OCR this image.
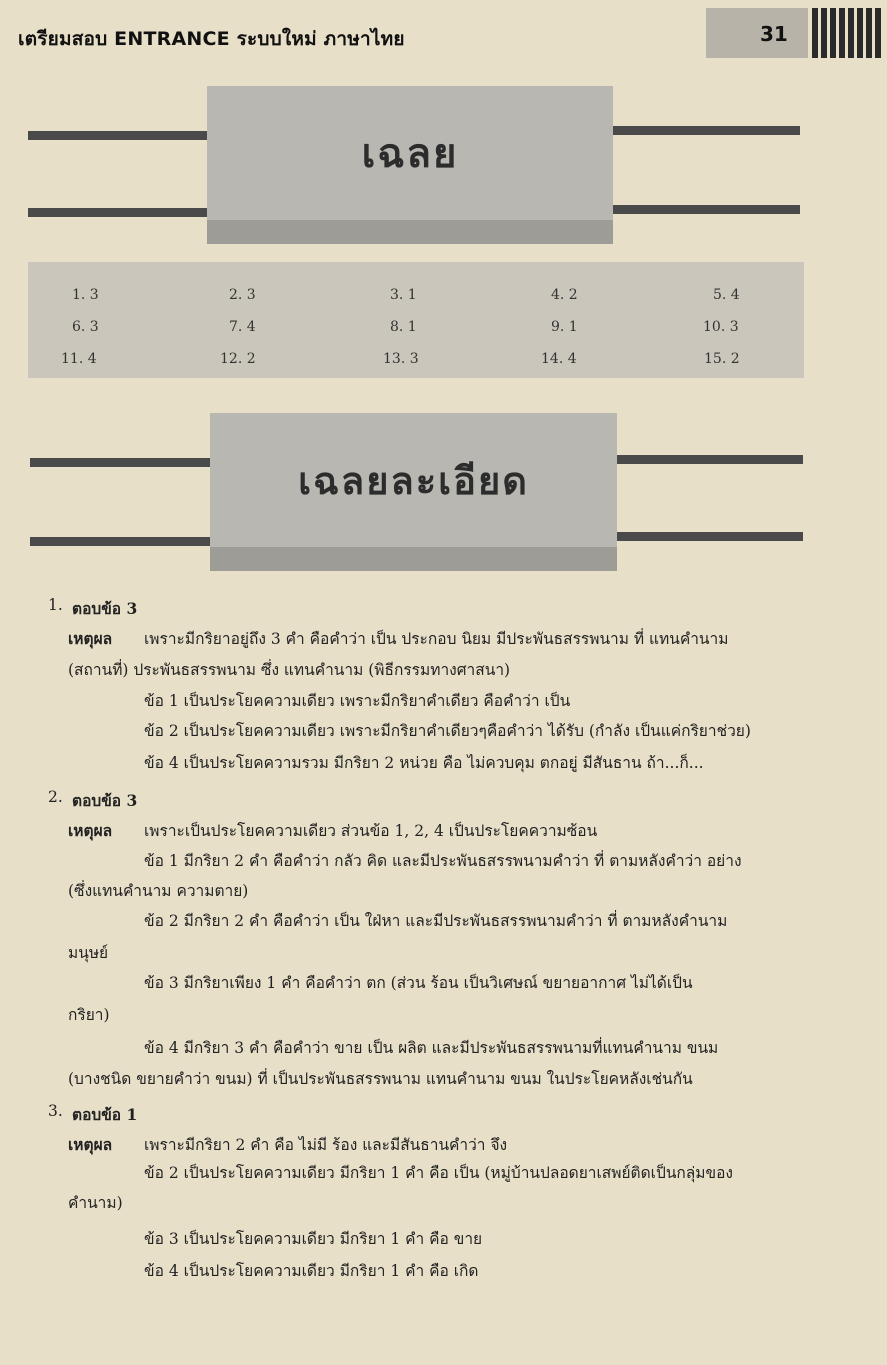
เตรียมสอบ ENTRANCE ระบบใหม่ ภาษาไทย	31
เฉลย
1. 3	2. 3	3. 1	4. 2	5. 4
6. 3	7. 4	8. 1	9. 1	10. 3
11. 4	12. 2	13. 3	14. 4	15. 2
เฉลยละเอียด
1. ตอบข้อ 3
เหตุผล เพราะมีกริยาอยู่ถึง 3 คำ คือคำว่า เป็น ประกอบ นิยม มีประพันธสรรพนาม ที่ แทนคำนาม
(สถานที่) ประพันธสรรพนาม ซึ่ง แทนคำนาม (พิธีกรรมทางศาสนา)
ข้อ 1 เป็นประโยคความเดียว เพราะมีกริยาคำเดียว คือคำว่า เป็น
ข้อ 2 เป็นประโยคความเดียว เพราะมีกริยาคำเดียวๆคือคำว่า ได้รับ (กำลัง เป็นแค่กริยาช่วย)
ข้อ 4 เป็นประโยคความรวม มีกริยา 2 หน่วย คือ ไม่ควบคุม ตกอยู่ มีสันธาน ถ้า...ก็...
2. ตอบข้อ 3
เหตุผล เพราะเป็นประโยคความเดียว ส่วนข้อ 1, 2, 4 เป็นประโยคความซ้อน
ข้อ 1 มีกริยา 2 คำ คือคำว่า กลัว คิด และมีประพันธสรรพนามคำว่า ที่ ตามหลังคำว่า อย่าง
(ซึ่งแทนคำนาม ความตาย)
ข้อ 2 มีกริยา 2 คำ คือคำว่า เป็น ใฝ่หา และมีประพันธสรรพนามคำว่า ที่ ตามหลังคำนาม
มนุษย์
ข้อ 3 มีกริยาเพียง 1 คำ คือคำว่า ตก (ส่วน ร้อน เป็นวิเศษณ์ ขยายอากาศ ไม่ได้เป็น
กริยา)
ข้อ 4 มีกริยา 3 คำ คือคำว่า ขาย เป็น ผลิต และมีประพันธสรรพนามที่แทนคำนาม ขนม
(บางชนิด ขยายคำว่า ขนม) ที่ เป็นประพันธสรรพนาม แทนคำนาม ขนม ในประโยคหลังเช่นกัน
3. ตอบข้อ 1
เหตุผล เพราะมีกริยา 2 คำ คือ ไม่มี ร้อง และมีสันธานคำว่า จึง
ข้อ 2 เป็นประโยคความเดียว มีกริยา 1 คำ คือ เป็น (หมู่บ้านปลอดยาเสพย์ติดเป็นกลุ่มของ
คำนาม)
ข้อ 3 เป็นประโยคความเดียว มีกริยา 1 คำ คือ ขาย
ข้อ 4 เป็นประโยคความเดียว มีกริยา 1 คำ คือ เกิด
